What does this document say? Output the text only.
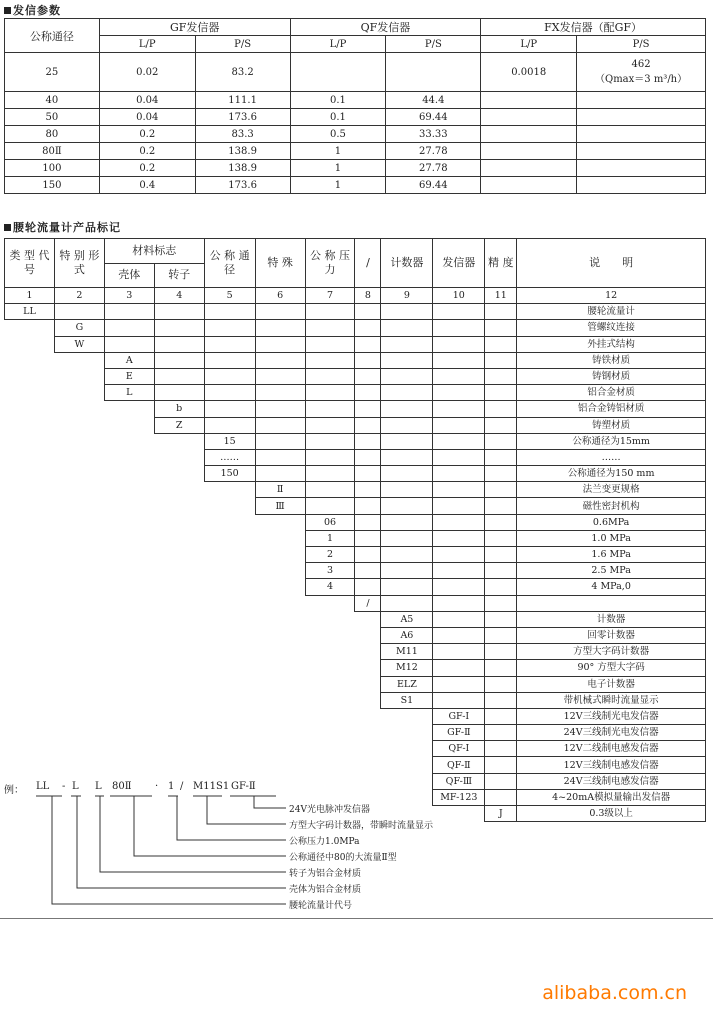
发信参数
公称通径	GF发信器		QF发信器		FX发信器（配GF）	
	L/P	P/S	L/P	P/S	L/P	P/S
25	0.02	83.2			0.0018	462
（Qmax＝3 m³/h）

40	0.04	111.1	0.1	44.4		
50	0.04	173.6	0.1	69.44		
80	0.2	83.3	0.5	33.33		
80Ⅱ	0.2	138.9	1	27.78		
100	0.2	138.9	1	27.78		
150	0.4	173.6	1	69.44		
腰轮流量计产品标记
类 型 代 号	特 别 形 式	材料标志		公 称 通 径	特 殊	公 称 压 力	/	计数器	发信器	精 度	说　　明
		壳体	转子								
1	2	3	4	5	6	7	8	9	10	11	12
LL											腰轮流量计
	G										管螺纹连接
	W										外挂式结构
		A									铸铁材质
		E									铸钢材质
		L									铝合金材质
			b								铝合金铸铝材质
			Z								铸塑材质
				15							公称通径为15mm
				……							……
				150							公称通径为150 mm
					Ⅱ						法兰变更规格
					Ⅲ						磁性密封机构
						06					0.6MPa
						1					1.0 MPa
						2					1.6 MPa
						3					2.5 MPa
						4					4 MPa,0
							/				
								A5			计数器
								A6			回零计数器
								M11			方型大字码计数器
								M12			90° 方型大字码
								ELZ			电子计数器
								S1			带机械式瞬时流量显示
									GF-Ⅰ		12V三线制光电发信器
									GF-Ⅱ		24V三线制光电发信器
									QF-Ⅰ		12V二线制电感发信器
									QF-Ⅱ		12V三线制电感发信器
									QF-Ⅲ		24V三线制电感发信器
									MF-123		4~20mA模拟量输出发信器
										J	0.3级以上
例： LL - L L 80Ⅱ · 1 / M11S1 GF-Ⅱ
24V光电脉冲发信器
方型大字码计数器，带瞬时流量显示
公称压力1.0MPa
公称通径中80的大流量Ⅱ型
转子为铝合金材质
壳体为铝合金材质
腰轮流量计代号
alibaba.com.cn
